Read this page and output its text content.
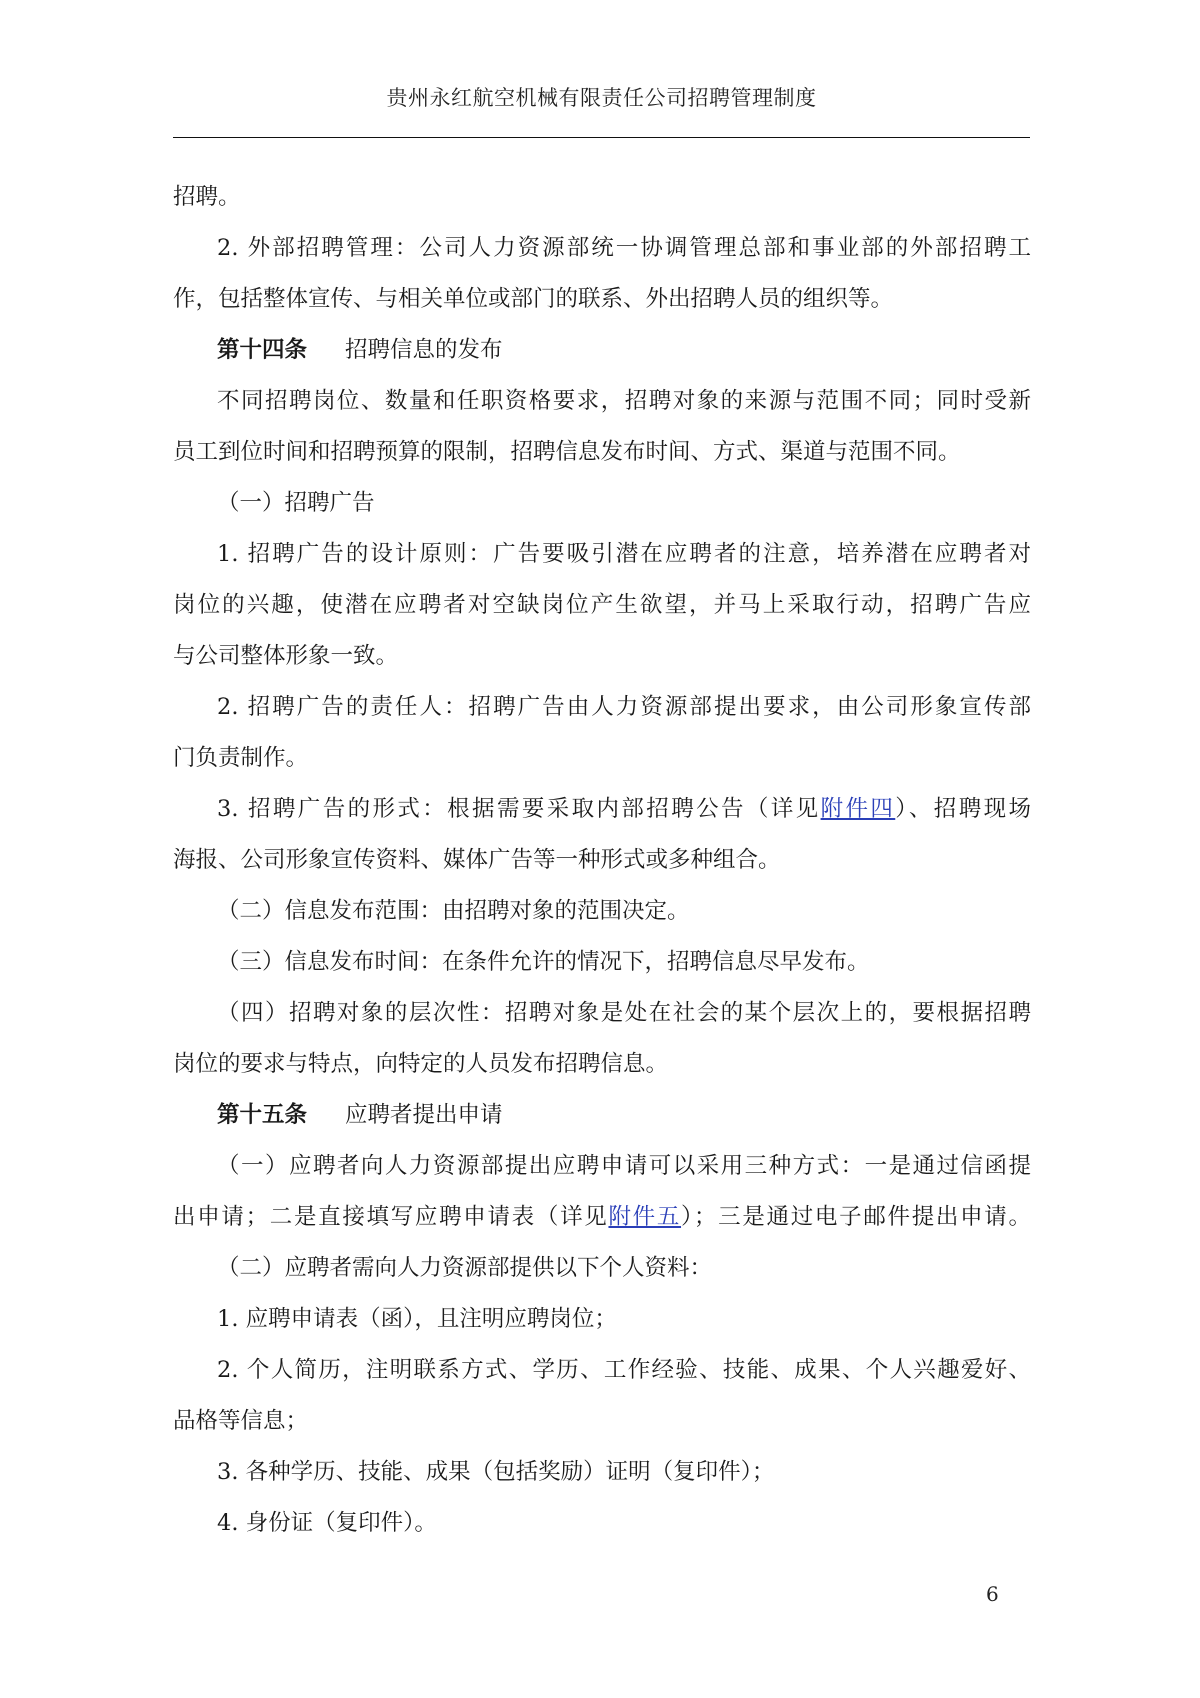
贵州永红航空机械有限责任公司招聘管理制度
招聘。
2. 外部招聘管理：公司人力资源部统一协调管理总部和事业部的外部招聘工
作，包括整体宣传、与相关单位或部门的联系、外出招聘人员的组织等。
第十四条 招聘信息的发布
不同招聘岗位、数量和任职资格要求，招聘对象的来源与范围不同；同时受新
员工到位时间和招聘预算的限制，招聘信息发布时间、方式、渠道与范围不同。
（一）招聘广告
1. 招聘广告的设计原则：广告要吸引潜在应聘者的注意，培养潜在应聘者对
岗位的兴趣，使潜在应聘者对空缺岗位产生欲望，并马上采取行动，招聘广告应
与公司整体形象一致。
2. 招聘广告的责任人：招聘广告由人力资源部提出要求，由公司形象宣传部
门负责制作。
3. 招聘广告的形式：根据需要采取内部招聘公告（详见附件四）、招聘现场
海报、公司形象宣传资料、媒体广告等一种形式或多种组合。
（二）信息发布范围：由招聘对象的范围决定。
（三）信息发布时间：在条件允许的情况下，招聘信息尽早发布。
（四）招聘对象的层次性：招聘对象是处在社会的某个层次上的，要根据招聘
岗位的要求与特点，向特定的人员发布招聘信息。
第十五条 应聘者提出申请
（一）应聘者向人力资源部提出应聘申请可以采用三种方式：一是通过信函提
出申请；二是直接填写应聘申请表（详见附件五）；三是通过电子邮件提出申请。
（二）应聘者需向人力资源部提供以下个人资料：
1. 应聘申请表（函），且注明应聘岗位；
2. 个人简历，注明联系方式、学历、工作经验、技能、成果、个人兴趣爱好、
品格等信息；
3. 各种学历、技能、成果（包括奖励）证明（复印件）；
4. 身份证（复印件）。
6
